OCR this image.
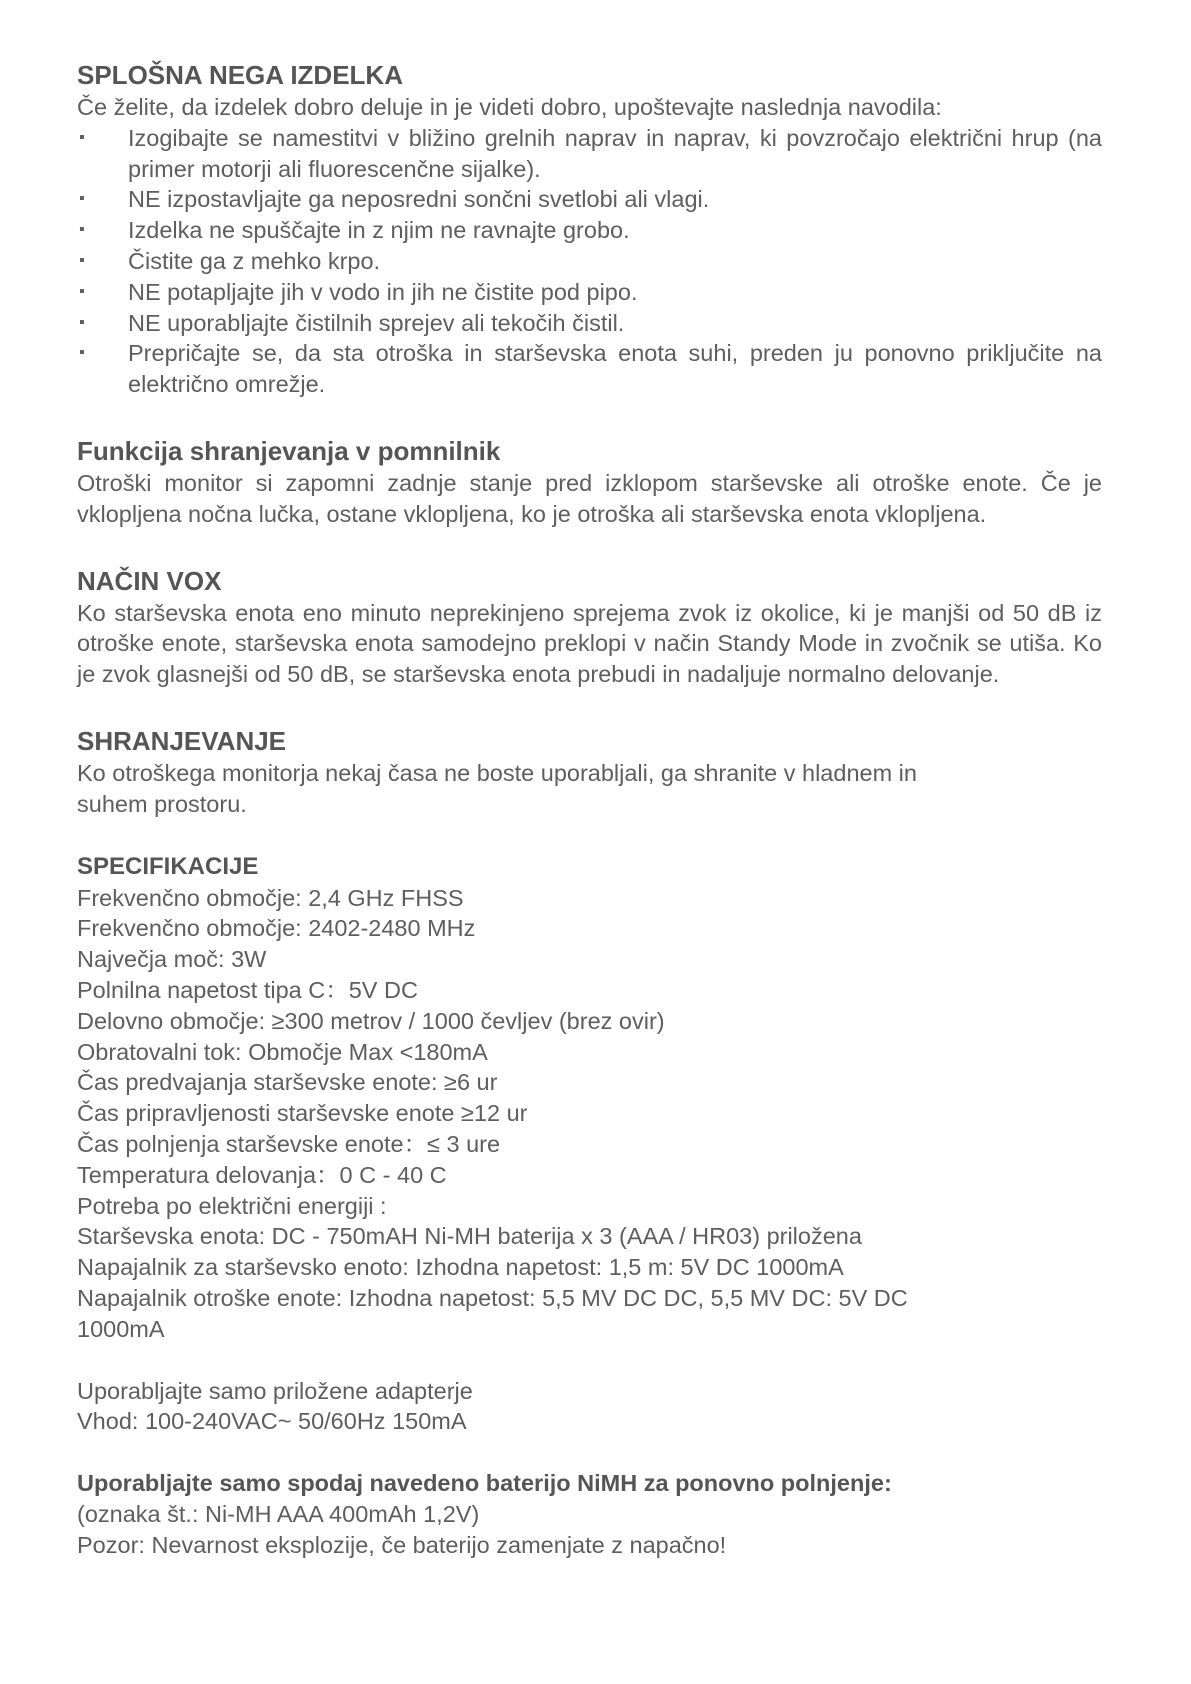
SPLOŠNA NEGA IZDELKA

Če želite, da izdelek dobro deluje in je videti dobro, upoštevajte naslednja navodila:

▪ Izogibajte se namestitvi v bližino grelnih naprav in naprav, ki povzročajo električni hrup (na primer motorji ali fluorescenčne sijalke).
▪ NE izpostavljajte ga neposredni sončni svetlobi ali vlagi.
▪ Izdelka ne spuščajte in z njim ne ravnajte grobo.
▪ Čistite ga z mehko krpo.
▪ NE potapljajte jih v vodo in jih ne čistite pod pipo.
▪ NE uporabljajte čistilnih sprejev ali tekočih čistil.
▪ Prepričajte se, da sta otroška in starševska enota suhi, preden ju ponovno priključite na električno omrežje.
Funkcija shranjevanja v pomnilnik

Otroški monitor si zapomni zadnje stanje pred izklopom starševske ali otroške enote. Če je vklopljena nočna lučka, ostane vklopljena, ko je otroška ali starševska enota vklopljena.

NAČIN VOX

Ko starševska enota eno minuto neprekinjeno sprejema zvok iz okolice, ki je manjši od 50 dB iz otroške enote, starševska enota samodejno preklopi v način Standy Mode in zvočnik se utiša. Ko je zvok glasnejši od 50 dB, se starševska enota prebudi in nadaljuje normalno delovanje.

SHRANJEVANJE

Ko otroškega monitorja nekaj časa ne boste uporabljali, ga shranite v hladnem in

suhem prostoru.

SPECIFIKACIJE

Frekvenčno območje: 2,4 GHz FHSS

Frekvenčno območje: 2402-2480 MHz

Največja moč: 3W

Polnilna napetost tipa C：5V DC

Delovno območje: ≥300 metrov / 1000 čevljev (brez ovir)

Obratovalni tok: Območje Max <180mA

Čas predvajanja starševske enote: ≥6 ur

Čas pripravljenosti starševske enote ≥12 ur

Čas polnjenja starševske enote：≤ 3 ure

Temperatura delovanja：0 C - 40 C

Potreba po električni energiji :

Starševska enota: DC - 750mAH Ni-MH baterija x 3 (AAA / HR03) priložena

Napajalnik za starševsko enoto: Izhodna napetost: 1,5 m: 5V DC 1000mA

Napajalnik otroške enote: Izhodna napetost: 5,5 MV DC DC, 5,5 MV DC: 5V DC

1000mA

Uporabljajte samo priložene adapterje

Vhod: 100-240VAC~ 50/60Hz 150mA

Uporabljajte samo spodaj navedeno baterijo NiMH za ponovno polnjenje:

(oznaka št.: Ni-MH AAA 400mAh 1,2V)

Pozor: Nevarnost eksplozije, če baterijo zamenjate z napačno!
